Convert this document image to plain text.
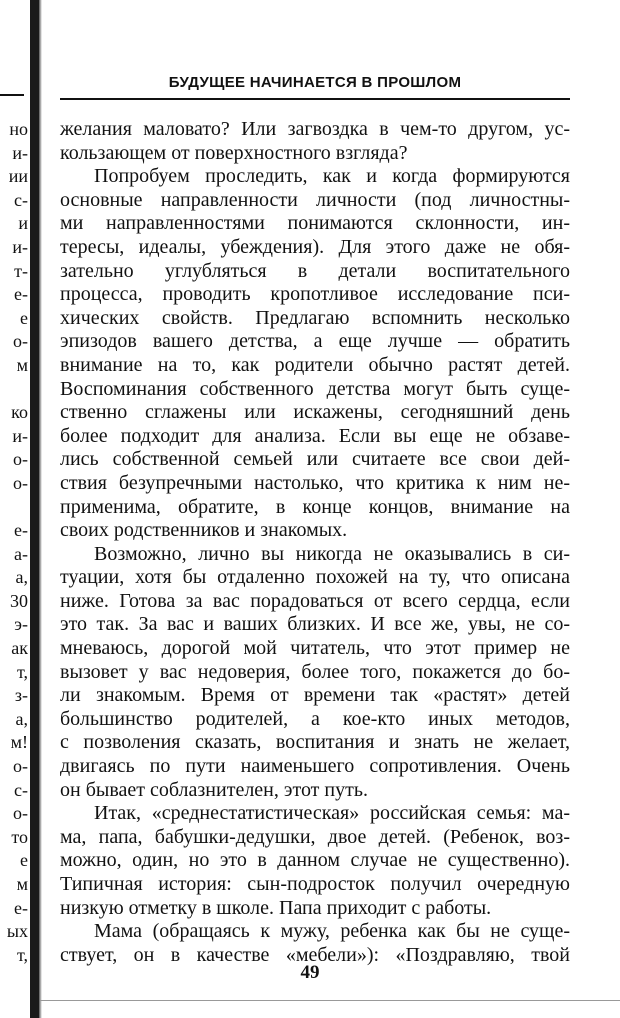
но
и-
ии
с-
и
и-
т-
е-
е
о-
м
ко
и-
о-
о-
е-
а-
а,
30
э-
ак
т,
з-
а,
м!
о-
с-
о-
то
е
м
е-
ых
т,
БУДУЩЕЕ НАЧИНАЕТСЯ В ПРОШЛОМ
желания маловато? Или загвоздка в чем-то другом, ус-
кользающем от поверхностного взгляда?
Попробуем проследить, как и когда формируются
основные направленности личности (под личностны-
ми направленностями понимаются склонности, ин-
тересы, идеалы, убеждения). Для этого даже не обя-
зательно углубляться в детали воспитательного
процесса, проводить кропотливое исследование пси-
хических свойств. Предлагаю вспомнить несколько
эпизодов вашего детства, а еще лучше — обратить
внимание на то, как родители обычно растят детей.
Воспоминания собственного детства могут быть суще-
ственно сглажены или искажены, сегодняшний день
более подходит для анализа. Если вы еще не обзаве-
лись собственной семьей или считаете все свои дей-
ствия безупречными настолько, что критика к ним не-
применима, обратите, в конце концов, внимание на
своих родственников и знакомых.
Возможно, лично вы никогда не оказывались в си-
туации, хотя бы отдаленно похожей на ту, что описана
ниже. Готова за вас порадоваться от всего сердца, если
это так. За вас и ваших близких. И все же, увы, не со-
мневаюсь, дорогой мой читатель, что этот пример не
вызовет у вас недоверия, более того, покажется до бо-
ли знакомым. Время от времени так «растят» детей
большинство родителей, а кое-кто иных методов,
с позволения сказать, воспитания и знать не желает,
двигаясь по пути наименьшего сопротивления. Очень
он бывает соблазнителен, этот путь.
Итак, «среднестатистическая» российская семья: ма-
ма, папа, бабушки-дедушки, двое детей. (Ребенок, воз-
можно, один, но это в данном случае не существенно).
Типичная история: сын-подросток получил очередную
низкую отметку в школе. Папа приходит с работы.
Мама (обращаясь к мужу, ребенка как бы не суще-
ствует, он в качестве «мебели»): «Поздравляю, твой
49
